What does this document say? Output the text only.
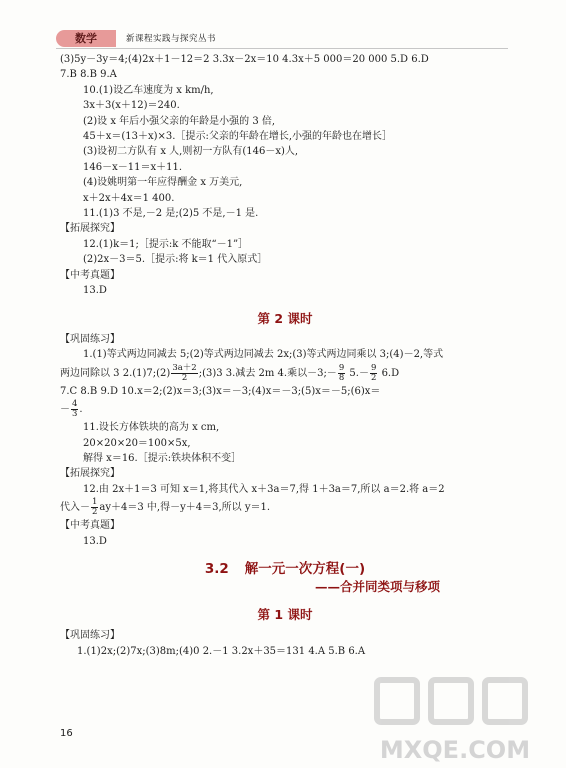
数学	新课程实践与探究丛书
(3)5y－3y＝4;(4)2x＋1－12＝2 3.3x－2x＝10 4.3x＋5 000＝20 000 5.D 6.D
7.B 8.B 9.A
10.(1)设乙车速度为 x km/h,
3x＋3(x＋12)＝240.
(2)设 x 年后小强父亲的年龄是小强的 3 倍,
45＋x＝(13＋x)×3.［提示:父亲的年龄在增长,小强的年龄也在增长］
(3)设初二方队有 x 人,则初一方队有(146－x)人,
146－x－11＝x＋11.
(4)设姚明第一年应得酬金 x 万美元,
x＋2x＋4x＝1 400.
11.(1)3 不是,－2 是;(2)5 不是,－1 是.
【拓展探究】
12.(1)k＝1;［提示:k 不能取“－1”］
(2)2x－3＝5.［提示:将 k＝1 代入原式］
【中考真题】
13.D
第 2 课时
【巩固练习】
1.(1)等式两边同减去 5;(2)等式两边同减去 2x;(3)等式两边同乘以 3;(4)－2,等式
两边同除以 3 2.(1)7;(2) $\frac{3a+2}{2}$ ;(3)3 3.减去 2m 4.乘以－3;－ $\frac{9}{8} 5.- \frac{9}{2} 6.D$
7.C 8.B 9.D 10.x＝2;(2)x＝3;(3)x＝－3;(4)x＝－3;(5)x＝－5;(6)x＝
－ $\frac{4}{3}$ .
11.设长方体铁块的高为 x cm,
20×20×20＝100×5x,
解得 x＝16.［提示:铁块体积不变］
【拓展探究】
12.由 2x＋1＝3 可知 x＝1,将其代入 x＋3a＝7,得 1＋3a＝7,所以 a＝2.将 a＝2
代入－ $\frac{1}{2} ay+4=3$ 中,得－y＋4＝3,所以 y＝1.
【中考真题】
13.D
3.2 解一元一次方程(一)
——合并同类项与移项
第 1 课时
【巩固练习】
1.(1)2x;(2)7x;(3)8m;(4)0 2.－1 3.2x＋35＝131 4.A 5.B 6.A
16
MXQE.COM
